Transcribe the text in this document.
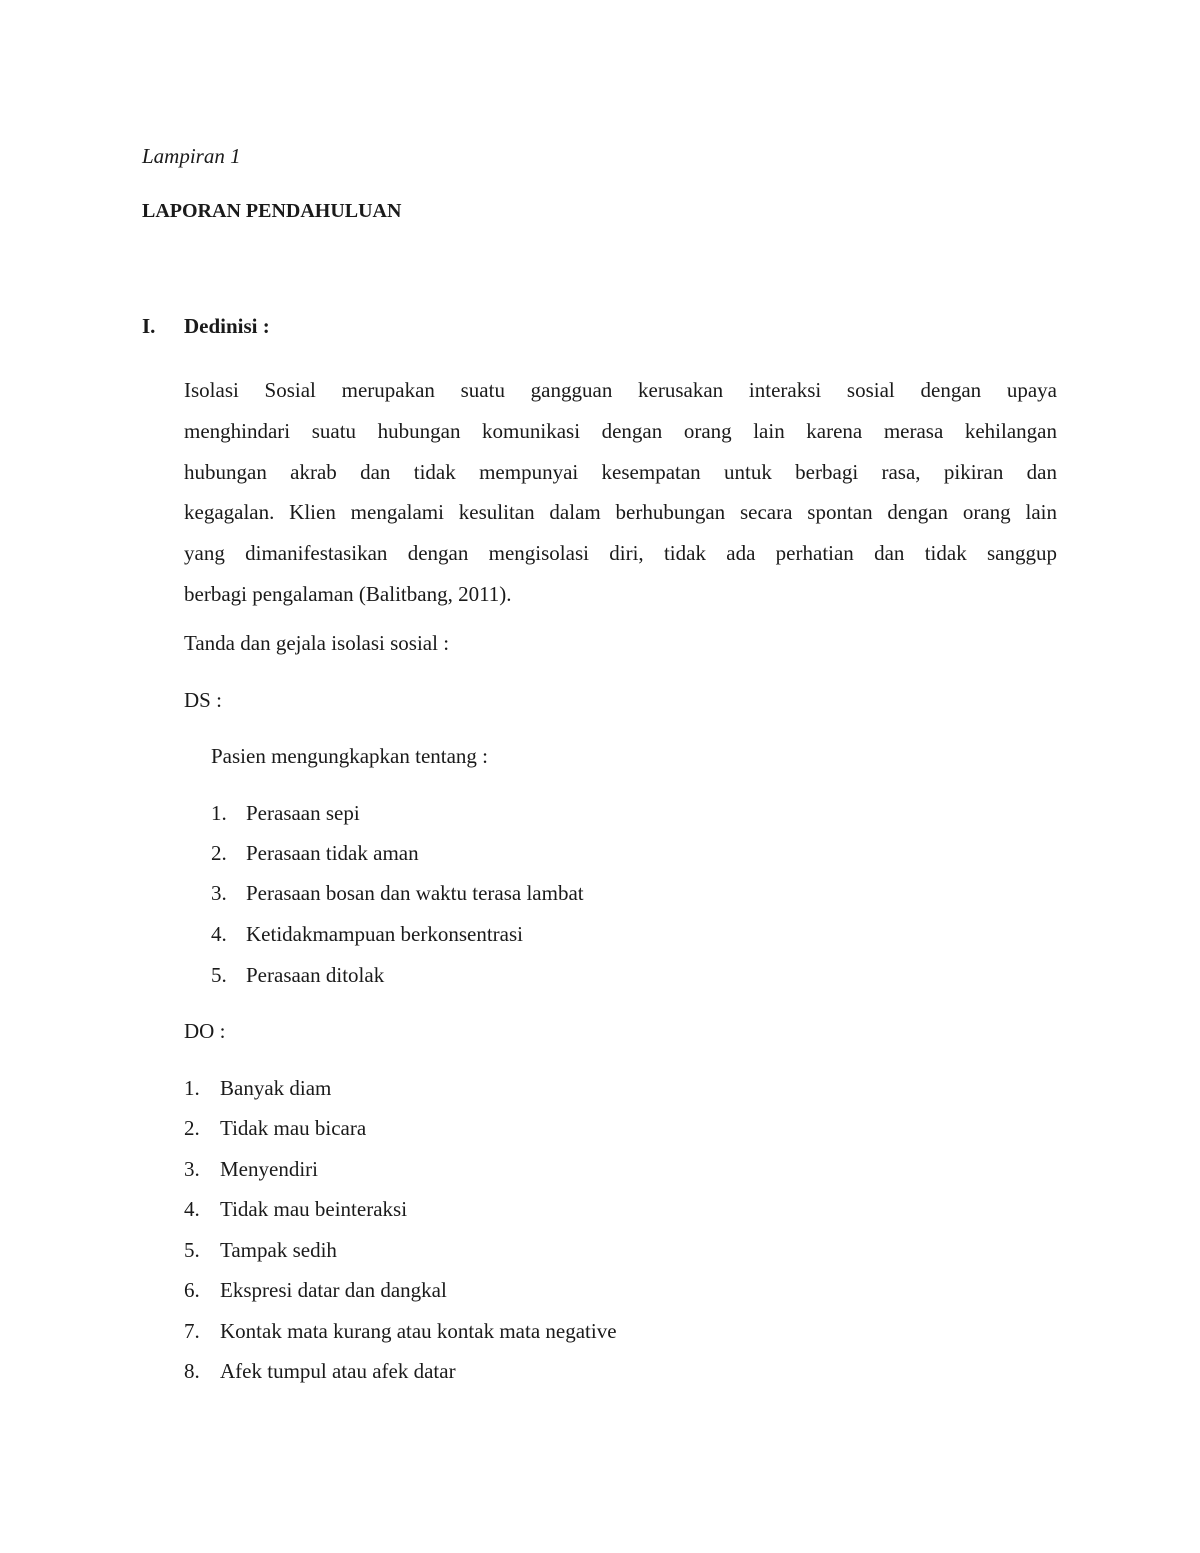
Lampiran 1
LAPORAN PENDAHULUAN
I. Dedinisi :
Isolasi Sosial merupakan suatu gangguan kerusakan interaksi sosial dengan upaya
menghindari suatu hubungan komunikasi dengan orang lain karena merasa kehilangan
hubungan akrab dan tidak mempunyai kesempatan untuk berbagi rasa, pikiran dan
kegagalan. Klien mengalami kesulitan dalam berhubungan secara spontan dengan orang lain
yang dimanifestasikan dengan mengisolasi diri, tidak ada perhatian dan tidak sanggup
berbagi pengalaman (Balitbang, 2011).
Tanda dan gejala isolasi sosial :
DS :
Pasien mengungkapkan tentang :
1. Perasaan sepi
2. Perasaan tidak aman
3. Perasaan bosan dan waktu terasa lambat
4. Ketidakmampuan berkonsentrasi
5. Perasaan ditolak
DO :
1. Banyak diam
2. Tidak mau bicara
3. Menyendiri
4. Tidak mau beinteraksi
5. Tampak sedih
6. Ekspresi datar dan dangkal
7. Kontak mata kurang atau kontak mata negative
8. Afek tumpul atau afek datar
